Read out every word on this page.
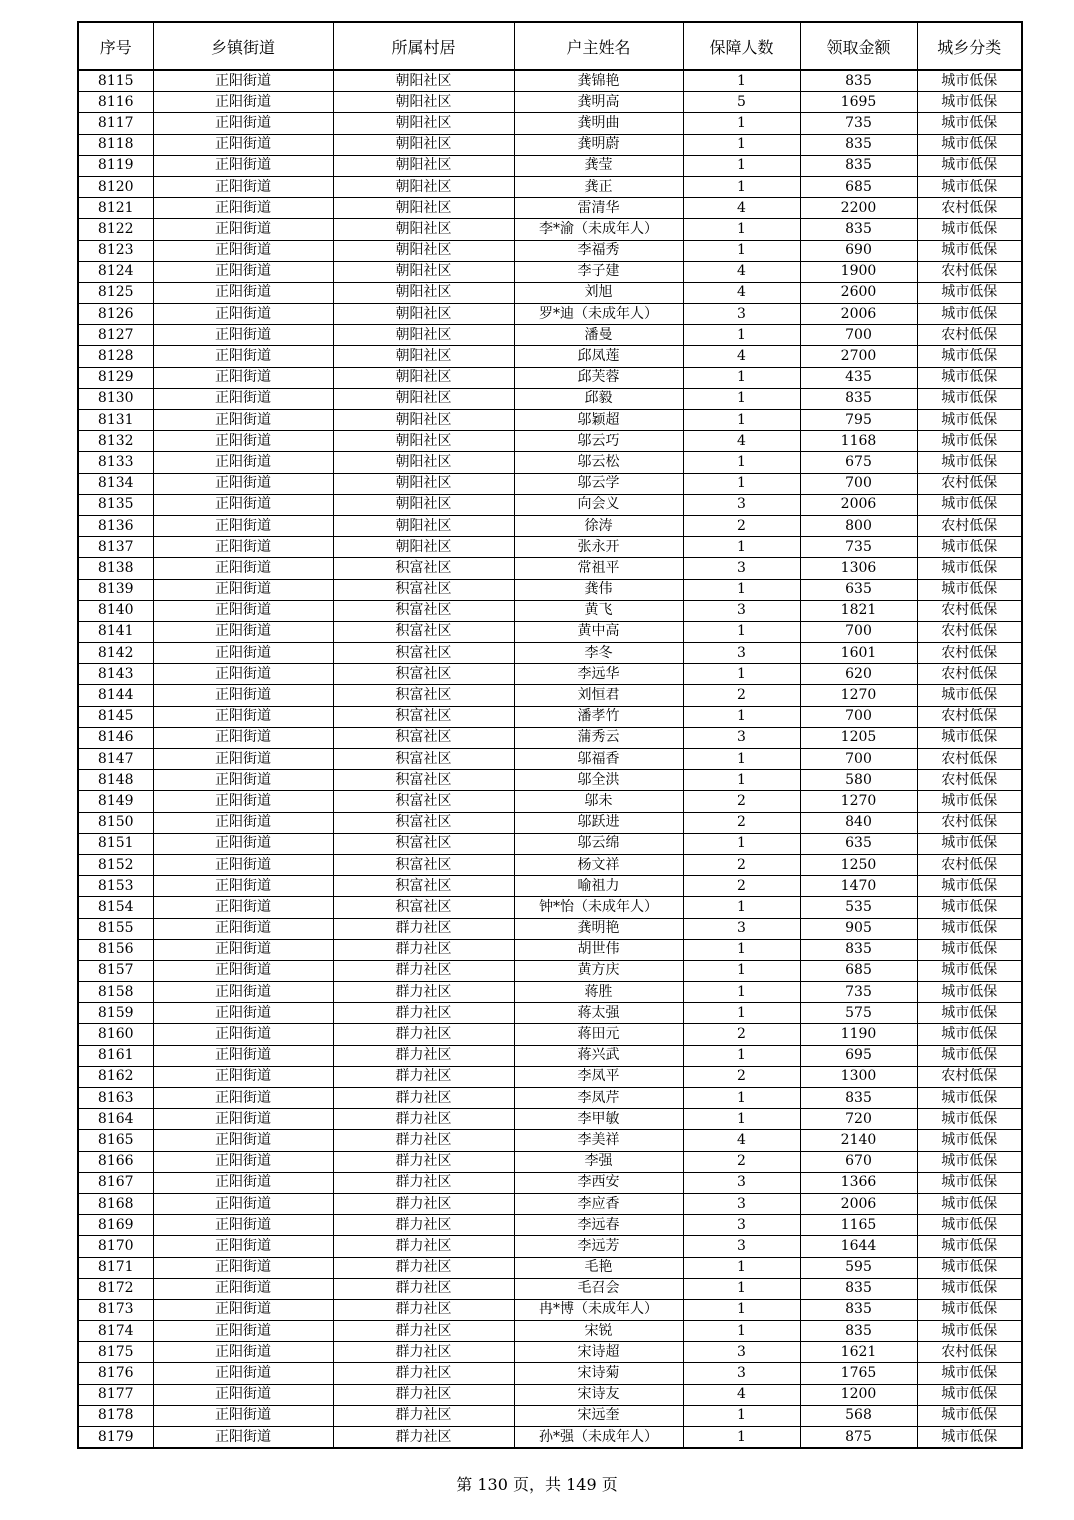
序号	乡镇街道	所属村居	户主姓名	保障人数	领取金额	城乡分类
8115	正阳街道	朝阳社区	龚锦艳	1	835	城市低保
8116	正阳街道	朝阳社区	龚明高	5	1695	城市低保
8117	正阳街道	朝阳社区	龚明曲	1	735	城市低保
8118	正阳街道	朝阳社区	龚明蔚	1	835	城市低保
8119	正阳街道	朝阳社区	龚莹	1	835	城市低保
8120	正阳街道	朝阳社区	龚正	1	685	城市低保
8121	正阳街道	朝阳社区	雷清华	4	2200	农村低保
8122	正阳街道	朝阳社区	李*渝（未成年人）	1	835	城市低保
8123	正阳街道	朝阳社区	李福秀	1	690	城市低保
8124	正阳街道	朝阳社区	李子建	4	1900	农村低保
8125	正阳街道	朝阳社区	刘旭	4	2600	城市低保
8126	正阳街道	朝阳社区	罗*迪（未成年人）	3	2006	城市低保
8127	正阳街道	朝阳社区	潘曼	1	700	农村低保
8128	正阳街道	朝阳社区	邱凤莲	4	2700	城市低保
8129	正阳街道	朝阳社区	邱芙蓉	1	435	城市低保
8130	正阳街道	朝阳社区	邱毅	1	835	城市低保
8131	正阳街道	朝阳社区	邬颖超	1	795	城市低保
8132	正阳街道	朝阳社区	邬云巧	4	1168	城市低保
8133	正阳街道	朝阳社区	邬云松	1	675	城市低保
8134	正阳街道	朝阳社区	邬云学	1	700	农村低保
8135	正阳街道	朝阳社区	向会义	3	2006	城市低保
8136	正阳街道	朝阳社区	徐涛	2	800	农村低保
8137	正阳街道	朝阳社区	张永开	1	735	城市低保
8138	正阳街道	积富社区	常祖平	3	1306	城市低保
8139	正阳街道	积富社区	龚伟	1	635	城市低保
8140	正阳街道	积富社区	黄飞	3	1821	农村低保
8141	正阳街道	积富社区	黄中高	1	700	农村低保
8142	正阳街道	积富社区	李冬	3	1601	农村低保
8143	正阳街道	积富社区	李远华	1	620	农村低保
8144	正阳街道	积富社区	刘恒君	2	1270	城市低保
8145	正阳街道	积富社区	潘孝竹	1	700	农村低保
8146	正阳街道	积富社区	蒲秀云	3	1205	城市低保
8147	正阳街道	积富社区	邬福香	1	700	农村低保
8148	正阳街道	积富社区	邬全洪	1	580	农村低保
8149	正阳街道	积富社区	邬未	2	1270	城市低保
8150	正阳街道	积富社区	邬跃进	2	840	农村低保
8151	正阳街道	积富社区	邬云绵	1	635	城市低保
8152	正阳街道	积富社区	杨文祥	2	1250	农村低保
8153	正阳街道	积富社区	喻祖力	2	1470	城市低保
8154	正阳街道	积富社区	钟*怡（未成年人）	1	535	城市低保
8155	正阳街道	群力社区	龚明艳	3	905	城市低保
8156	正阳街道	群力社区	胡世伟	1	835	城市低保
8157	正阳街道	群力社区	黄方庆	1	685	城市低保
8158	正阳街道	群力社区	蒋胜	1	735	城市低保
8159	正阳街道	群力社区	蒋太强	1	575	城市低保
8160	正阳街道	群力社区	蒋田元	2	1190	城市低保
8161	正阳街道	群力社区	蒋兴武	1	695	城市低保
8162	正阳街道	群力社区	李凤平	2	1300	农村低保
8163	正阳街道	群力社区	李凤芹	1	835	城市低保
8164	正阳街道	群力社区	李甲敏	1	720	城市低保
8165	正阳街道	群力社区	李美祥	4	2140	城市低保
8166	正阳街道	群力社区	李强	2	670	城市低保
8167	正阳街道	群力社区	李西安	3	1366	城市低保
8168	正阳街道	群力社区	李应香	3	2006	城市低保
8169	正阳街道	群力社区	李远春	3	1165	城市低保
8170	正阳街道	群力社区	李远芳	3	1644	城市低保
8171	正阳街道	群力社区	毛艳	1	595	城市低保
8172	正阳街道	群力社区	毛召会	1	835	城市低保
8173	正阳街道	群力社区	冉*博（未成年人）	1	835	城市低保
8174	正阳街道	群力社区	宋锐	1	835	城市低保
8175	正阳街道	群力社区	宋诗超	3	1621	农村低保
8176	正阳街道	群力社区	宋诗菊	3	1765	城市低保
8177	正阳街道	群力社区	宋诗友	4	1200	城市低保
8178	正阳街道	群力社区	宋远奎	1	568	城市低保
8179	正阳街道	群力社区	孙*强（未成年人）	1	875	城市低保
第 130 页，共 149 页
